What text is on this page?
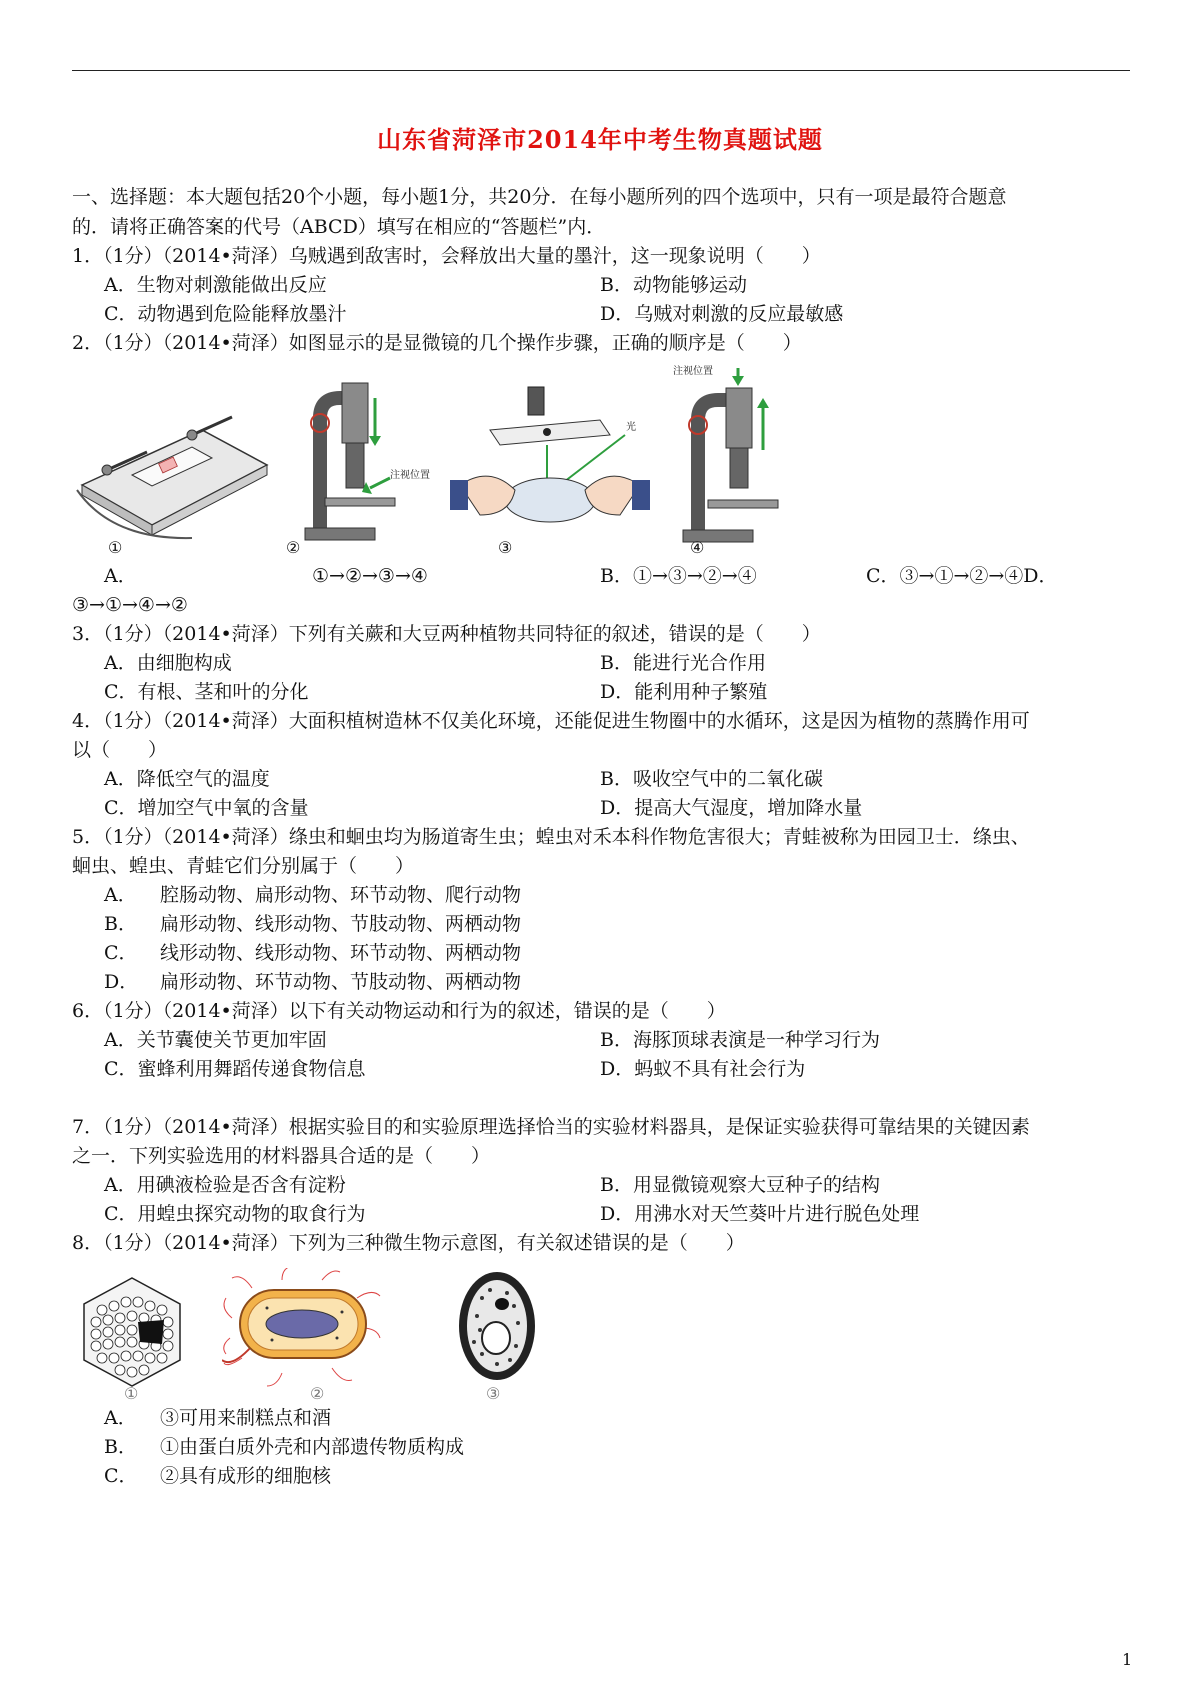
山东省菏泽市2014年中考生物真题试题
一、选择题：本大题包括20个小题，每小题1分，共20分．在每小题所列的四个选项中，只有一项是最符合题意
的．请将正确答案的代号（ABCD）填写在相应的“答题栏”内．
1．（1分）（2014•菏泽）乌贼遇到敌害时，会释放出大量的墨汁，这一现象说明（　　）
A．生物对刺激能做出反应	B．动物能够运动
C．动物遇到危险能释放墨汁	D．乌贼对刺激的反应最敏感
2．（1分）（2014•菏泽）如图显示的是显微镜的几个操作步骤，正确的顺序是（　　）
①
注视位置
②
光
③
注视位置
④
A．	①→②→③→④	B．①→③→②→④	C．③→①→②→④D．
③→①→④→②
3．（1分）（2014•菏泽）下列有关蕨和大豆两种植物共同特征的叙述，错误的是（　　）
A．由细胞构成	B．能进行光合作用
C．有根、茎和叶的分化	D．能利用种子繁殖
4．（1分）（2014•菏泽）大面积植树造林不仅美化环境，还能促进生物圈中的水循环，这是因为植物的蒸腾作用可
以（　　）
A．降低空气的温度	B．吸收空气中的二氧化碳
C．增加空气中氧的含量	D．提高大气湿度，增加降水量
5．（1分）（2014•菏泽）绦虫和蛔虫均为肠道寄生虫；蝗虫对禾本科作物危害很大；青蛙被称为田园卫士．绦虫、
蛔虫、蝗虫、青蛙它们分别属于（　　）
A． 腔肠动物、扁形动物、环节动物、爬行动物
B． 扁形动物、线形动物、节肢动物、两栖动物
C． 线形动物、线形动物、环节动物、两栖动物
D． 扁形动物、环节动物、节肢动物、两栖动物
6．（1分）（2014•菏泽）以下有关动物运动和行为的叙述，错误的是（　　）
A．关节囊使关节更加牢固	B．海豚顶球表演是一种学习行为
C．蜜蜂利用舞蹈传递食物信息	D．蚂蚁不具有社会行为
7．（1分）（2014•菏泽）根据实验目的和实验原理选择恰当的实验材料器具，是保证实验获得可靠结果的关键因素
之一．下列实验选用的材料器具合适的是（　　）
A．用碘液检验是否含有淀粉	B．用显微镜观察大豆种子的结构
C．用蝗虫探究动物的取食行为	D．用沸水对天竺葵叶片进行脱色处理
8．（1分）（2014•菏泽）下列为三种微生物示意图，有关叙述错误的是（　　）
①	②	③
A． ③可用来制糕点和酒
B． ①由蛋白质外壳和内部遗传物质构成
C． ②具有成形的细胞核
1
